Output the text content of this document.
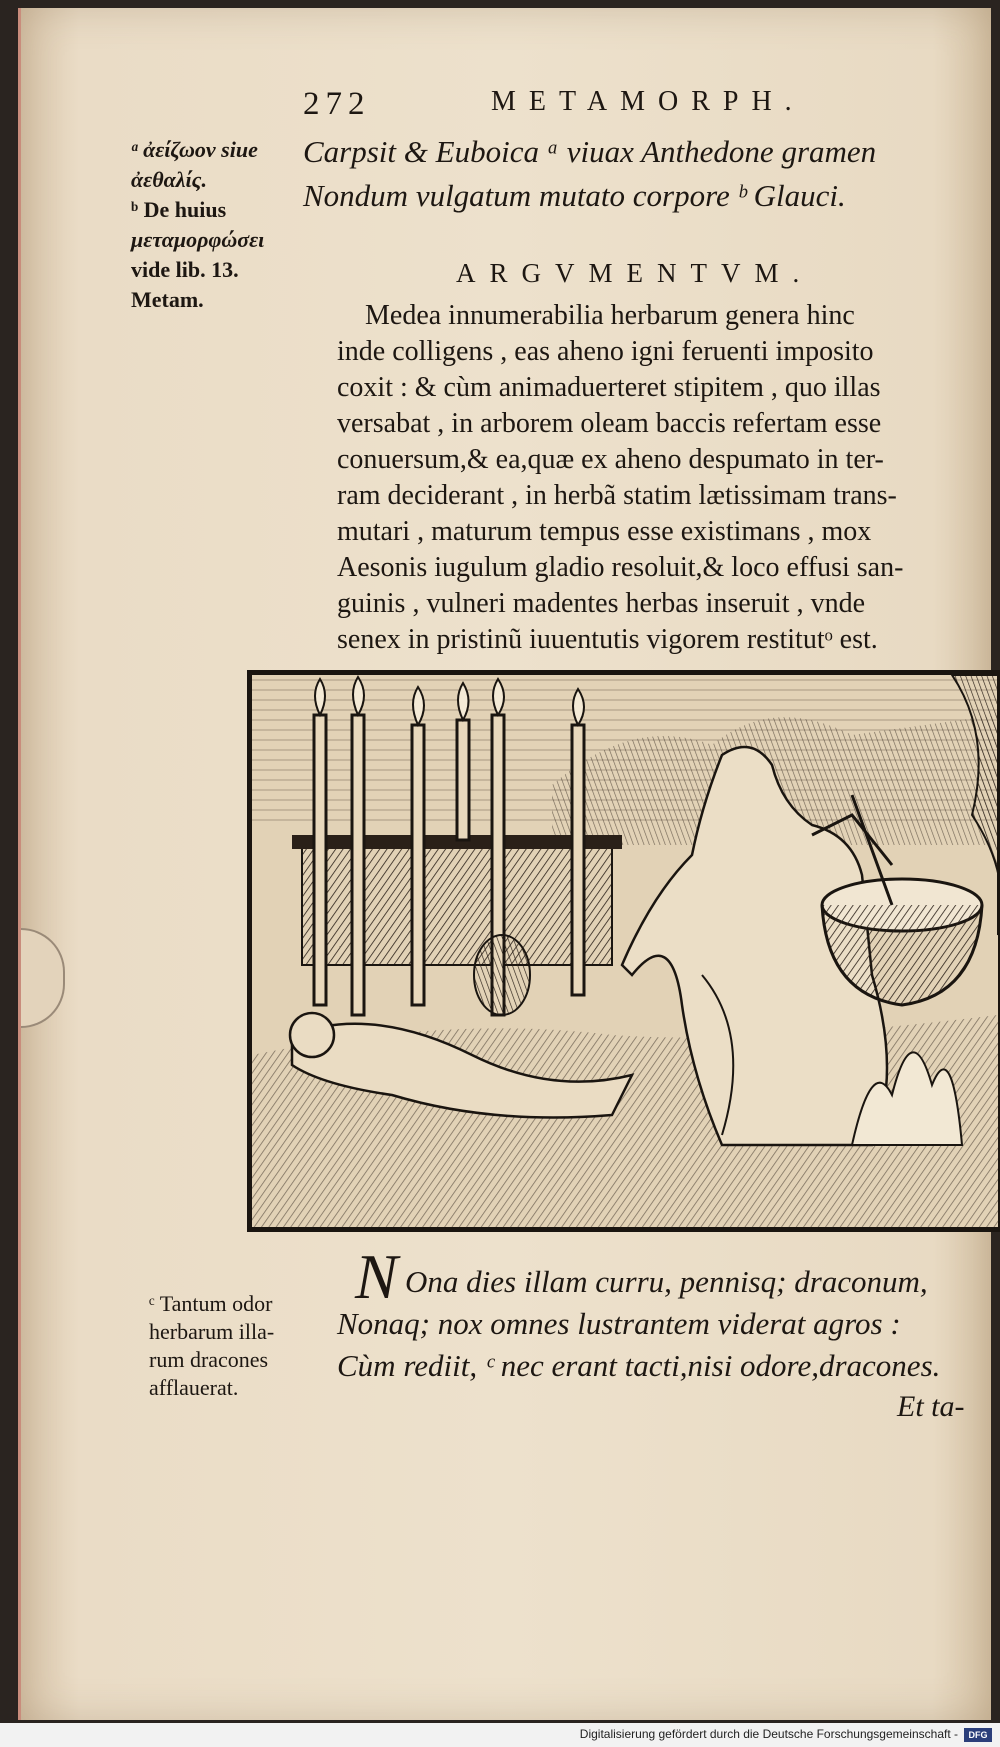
272	METAMORPH.
ᵃ ἀείζωον siue
ἀεθαλίς.
ᵇ De huius
μεταμορφώσει
vide lib. 13.
Metam.
Carpsit & Euboica ᵃ viuax Anthedone gramen
Nondum vulgatum mutato corpore ᵇ Glauci.
ARGVMENTVM.
Medea innumerabilia herbarum genera hinc
inde colligens , eas aheno igni feruenti imposito
coxit : & cùm animaduerteret stipitem , quo illas
versabat , in arborem oleam baccis refertam esse
conuersum,& ea,quæ ex aheno despumato in ter-
ram deciderant , in herbã statim lætissimam trans-
mutari , maturum tempus esse existimans , mox
Aesonis iugulum gladio resoluit,& loco effusi san-
guinis , vulneri madentes herbas inseruit , vnde
senex in pristinũ iuuentutis vigorem restitutᵒ est.
ᶜ Tantum odor
herbarum illa-
rum dracones
afflauerat.
N Ona dies illam curru, pennisq; draconum,
Nonaq; nox omnes lustrantem viderat agros :
Cùm rediit, ᶜ nec erant tacti,nisi odore,dracones.
Et ta-
Digitalisierung gefördert durch die Deutsche Forschungsgemeinschaft -	DFG
